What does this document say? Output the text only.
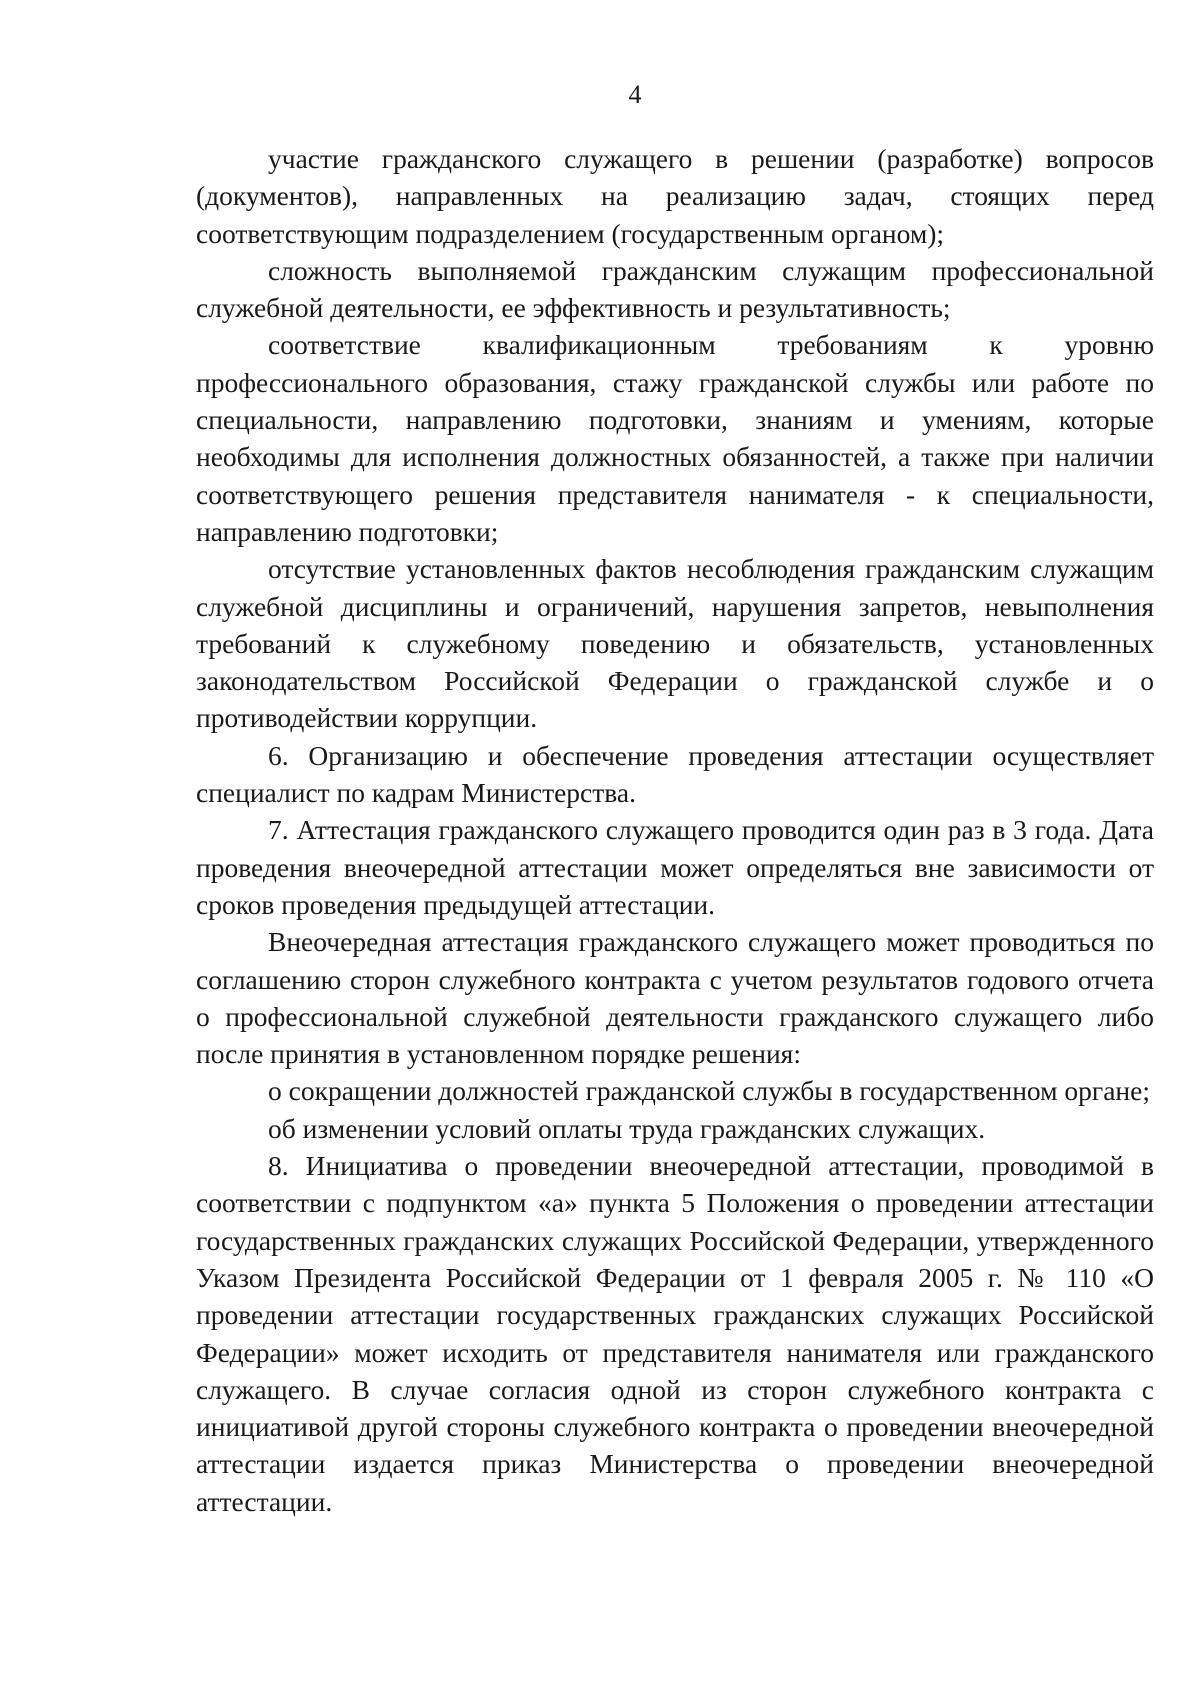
4

участие гражданского служащего в решении (разработке) вопросов (документов), направленных на реализацию задач, стоящих перед соответствующим подразделением (государственным органом);

сложность выполняемой гражданским служащим профессиональной служебной деятельности, ее эффективность и результативность;

соответствие квалификационным требованиям к уровню профессионального образования, стажу гражданской службы или работе по специальности, направлению подготовки, знаниям и умениям, которые необходимы для исполнения должностных обязанностей, а также при наличии соответствующего решения представителя нанимателя - к специальности, направлению подготовки;

отсутствие установленных фактов несоблюдения гражданским служащим служебной дисциплины и ограничений, нарушения запретов, невыполнения требований к служебному поведению и обязательств, установленных законодательством Российской Федерации о гражданской службе и о противодействии коррупции.

6. Организацию и обеспечение проведения аттестации осуществляет специалист по кадрам Министерства.

7. Аттестация гражданского служащего проводится один раз в 3 года. Дата проведения внеочередной аттестации может определяться вне зависимости от сроков проведения предыдущей аттестации.

Внеочередная аттестация гражданского служащего может проводиться по соглашению сторон служебного контракта с учетом результатов годового отчета о профессиональной служебной деятельности гражданского служащего либо после принятия в установленном порядке решения:

о сокращении должностей гражданской службы в государственном органе;

об изменении условий оплаты труда гражданских служащих.

8. Инициатива о проведении внеочередной аттестации, проводимой в соответствии с подпунктом «а» пункта 5 Положения о проведении аттестации государственных гражданских служащих Российской Федерации, утвержденного Указом Президента Российской Федерации от 1 февраля 2005 г. № 110 «О проведении аттестации государственных гражданских служащих Российской Федерации» может исходить от представителя нанимателя или гражданского служащего. В случае согласия одной из сторон служебного контракта с инициативой другой стороны служебного контракта о проведении внеочередной аттестации издается приказ Министерства о проведении внеочередной аттестации.
